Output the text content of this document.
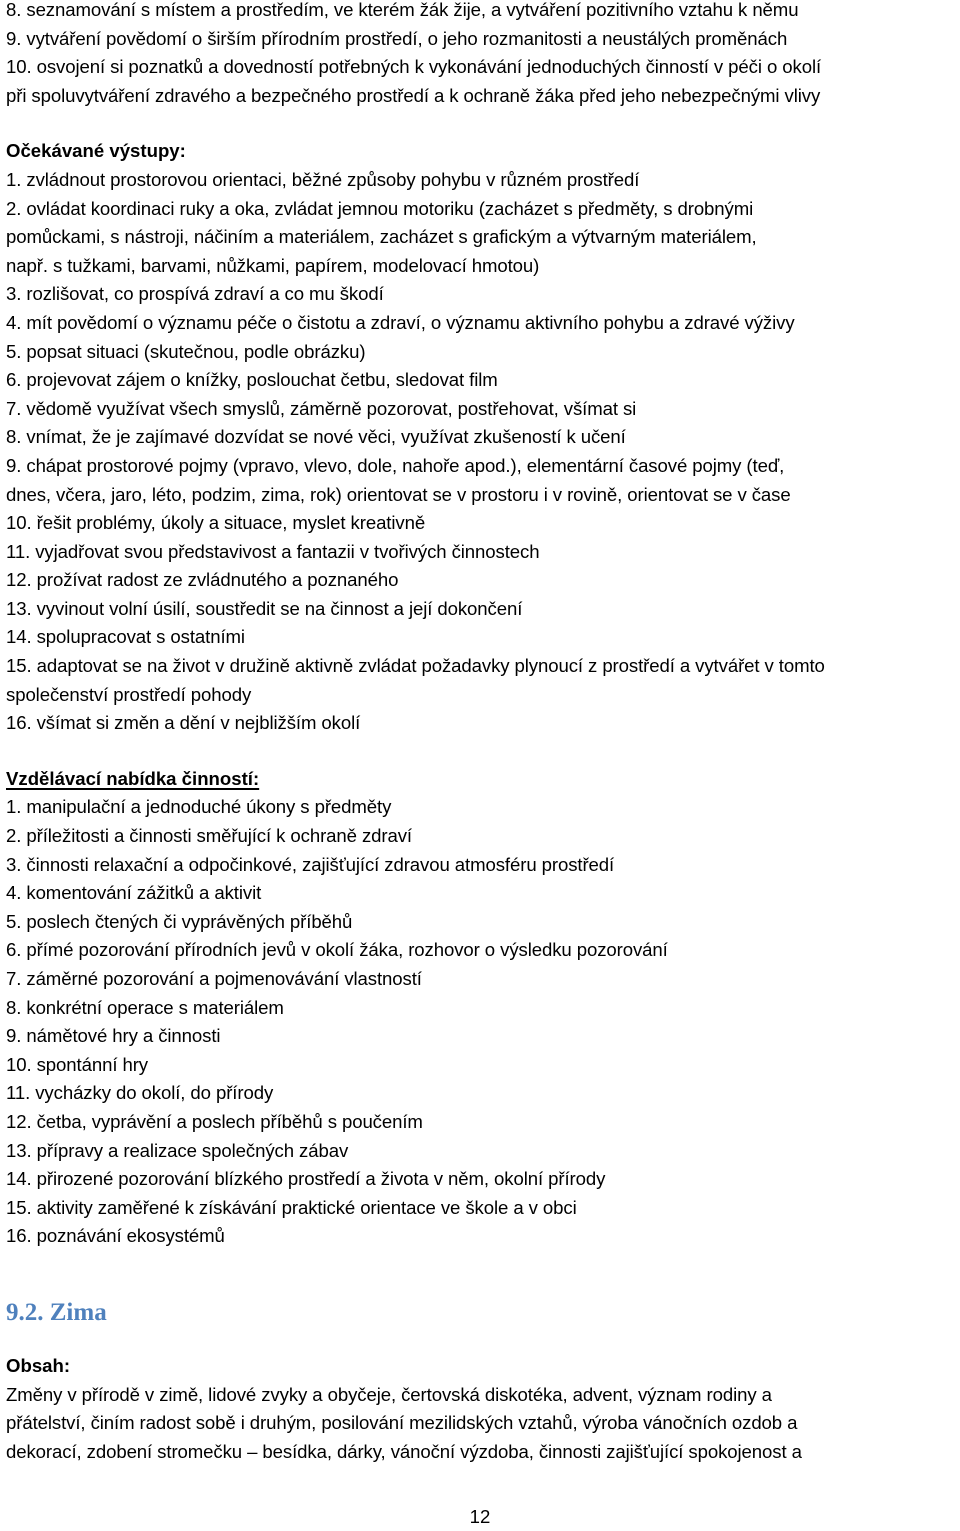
8. seznamování s místem a prostředím, ve kterém žák žije, a vytváření pozitivního vztahu k němu
9. vytváření povědomí o širším přírodním prostředí, o jeho rozmanitosti a neustálých proměnách
10. osvojení si poznatků a dovedností potřebných k vykonávání jednoduchých činností v péči o okolí
při spoluvytváření zdravého a bezpečného prostředí a k ochraně žáka před jeho nebezpečnými vlivy
Očekávané výstupy:
1. zvládnout prostorovou orientaci, běžné způsoby pohybu v různém prostředí
2. ovládat koordinaci ruky a oka, zvládat jemnou motoriku (zacházet s předměty, s drobnými
pomůckami, s nástroji, náčiním a materiálem, zacházet s grafickým a výtvarným materiálem,
např. s tužkami, barvami, nůžkami, papírem, modelovací hmotou)
3. rozlišovat, co prospívá zdraví a co mu škodí
4. mít povědomí o významu péče o čistotu a zdraví, o významu aktivního pohybu a zdravé výživy
5. popsat situaci (skutečnou, podle obrázku)
6. projevovat zájem o knížky, poslouchat četbu, sledovat film
7. vědomě využívat všech smyslů, záměrně pozorovat, postřehovat, všímat si
8. vnímat, že je zajímavé dozvídat se nové věci, využívat zkušeností k učení
9. chápat prostorové pojmy (vpravo, vlevo, dole, nahoře apod.), elementární časové pojmy (teď,
dnes, včera, jaro, léto, podzim, zima, rok) orientovat se v prostoru i v rovině, orientovat se v čase
10. řešit problémy, úkoly a situace, myslet kreativně
11. vyjadřovat svou představivost a fantazii v tvořivých činnostech
12. prožívat radost ze zvládnutého a poznaného
13. vyvinout volní úsilí, soustředit se na činnost a její dokončení
14. spolupracovat s ostatními
15. adaptovat se na život v družině aktivně zvládat požadavky plynoucí z prostředí a vytvářet v tomto
společenství prostředí pohody
16. všímat si změn a dění v nejbližším okolí
Vzdělávací nabídka činností:
1. manipulační a jednoduché úkony s předměty
2. příležitosti a činnosti směřující k ochraně zdraví
3. činnosti relaxační a odpočinkové, zajišťující zdravou atmosféru prostředí
4. komentování zážitků a aktivit
5. poslech čtených či vyprávěných příběhů
6. přímé pozorování přírodních jevů v okolí žáka, rozhovor o výsledku pozorování
7. záměrné pozorování a pojmenovávání vlastností
8. konkrétní operace s materiálem
9. námětové hry a činnosti
10. spontánní hry
11. vycházky do okolí, do přírody
12. četba, vyprávění a poslech příběhů s poučením
13. přípravy a realizace společných zábav
14. přirozené pozorování blízkého prostředí a života v něm, okolní přírody
15. aktivity zaměřené k získávání praktické orientace ve škole a v obci
16. poznávání ekosystémů
9.2. Zima
Obsah:
Změny v přírodě v zimě, lidové zvyky a obyčeje, čertovská diskotéka, advent, význam rodiny a
přátelství, činím radost sobě i druhým, posilování mezilidských vztahů, výroba vánočních ozdob a
dekorací, zdobení stromečku – besídka, dárky, vánoční výzdoba, činnosti zajišťující spokojenost a
12
